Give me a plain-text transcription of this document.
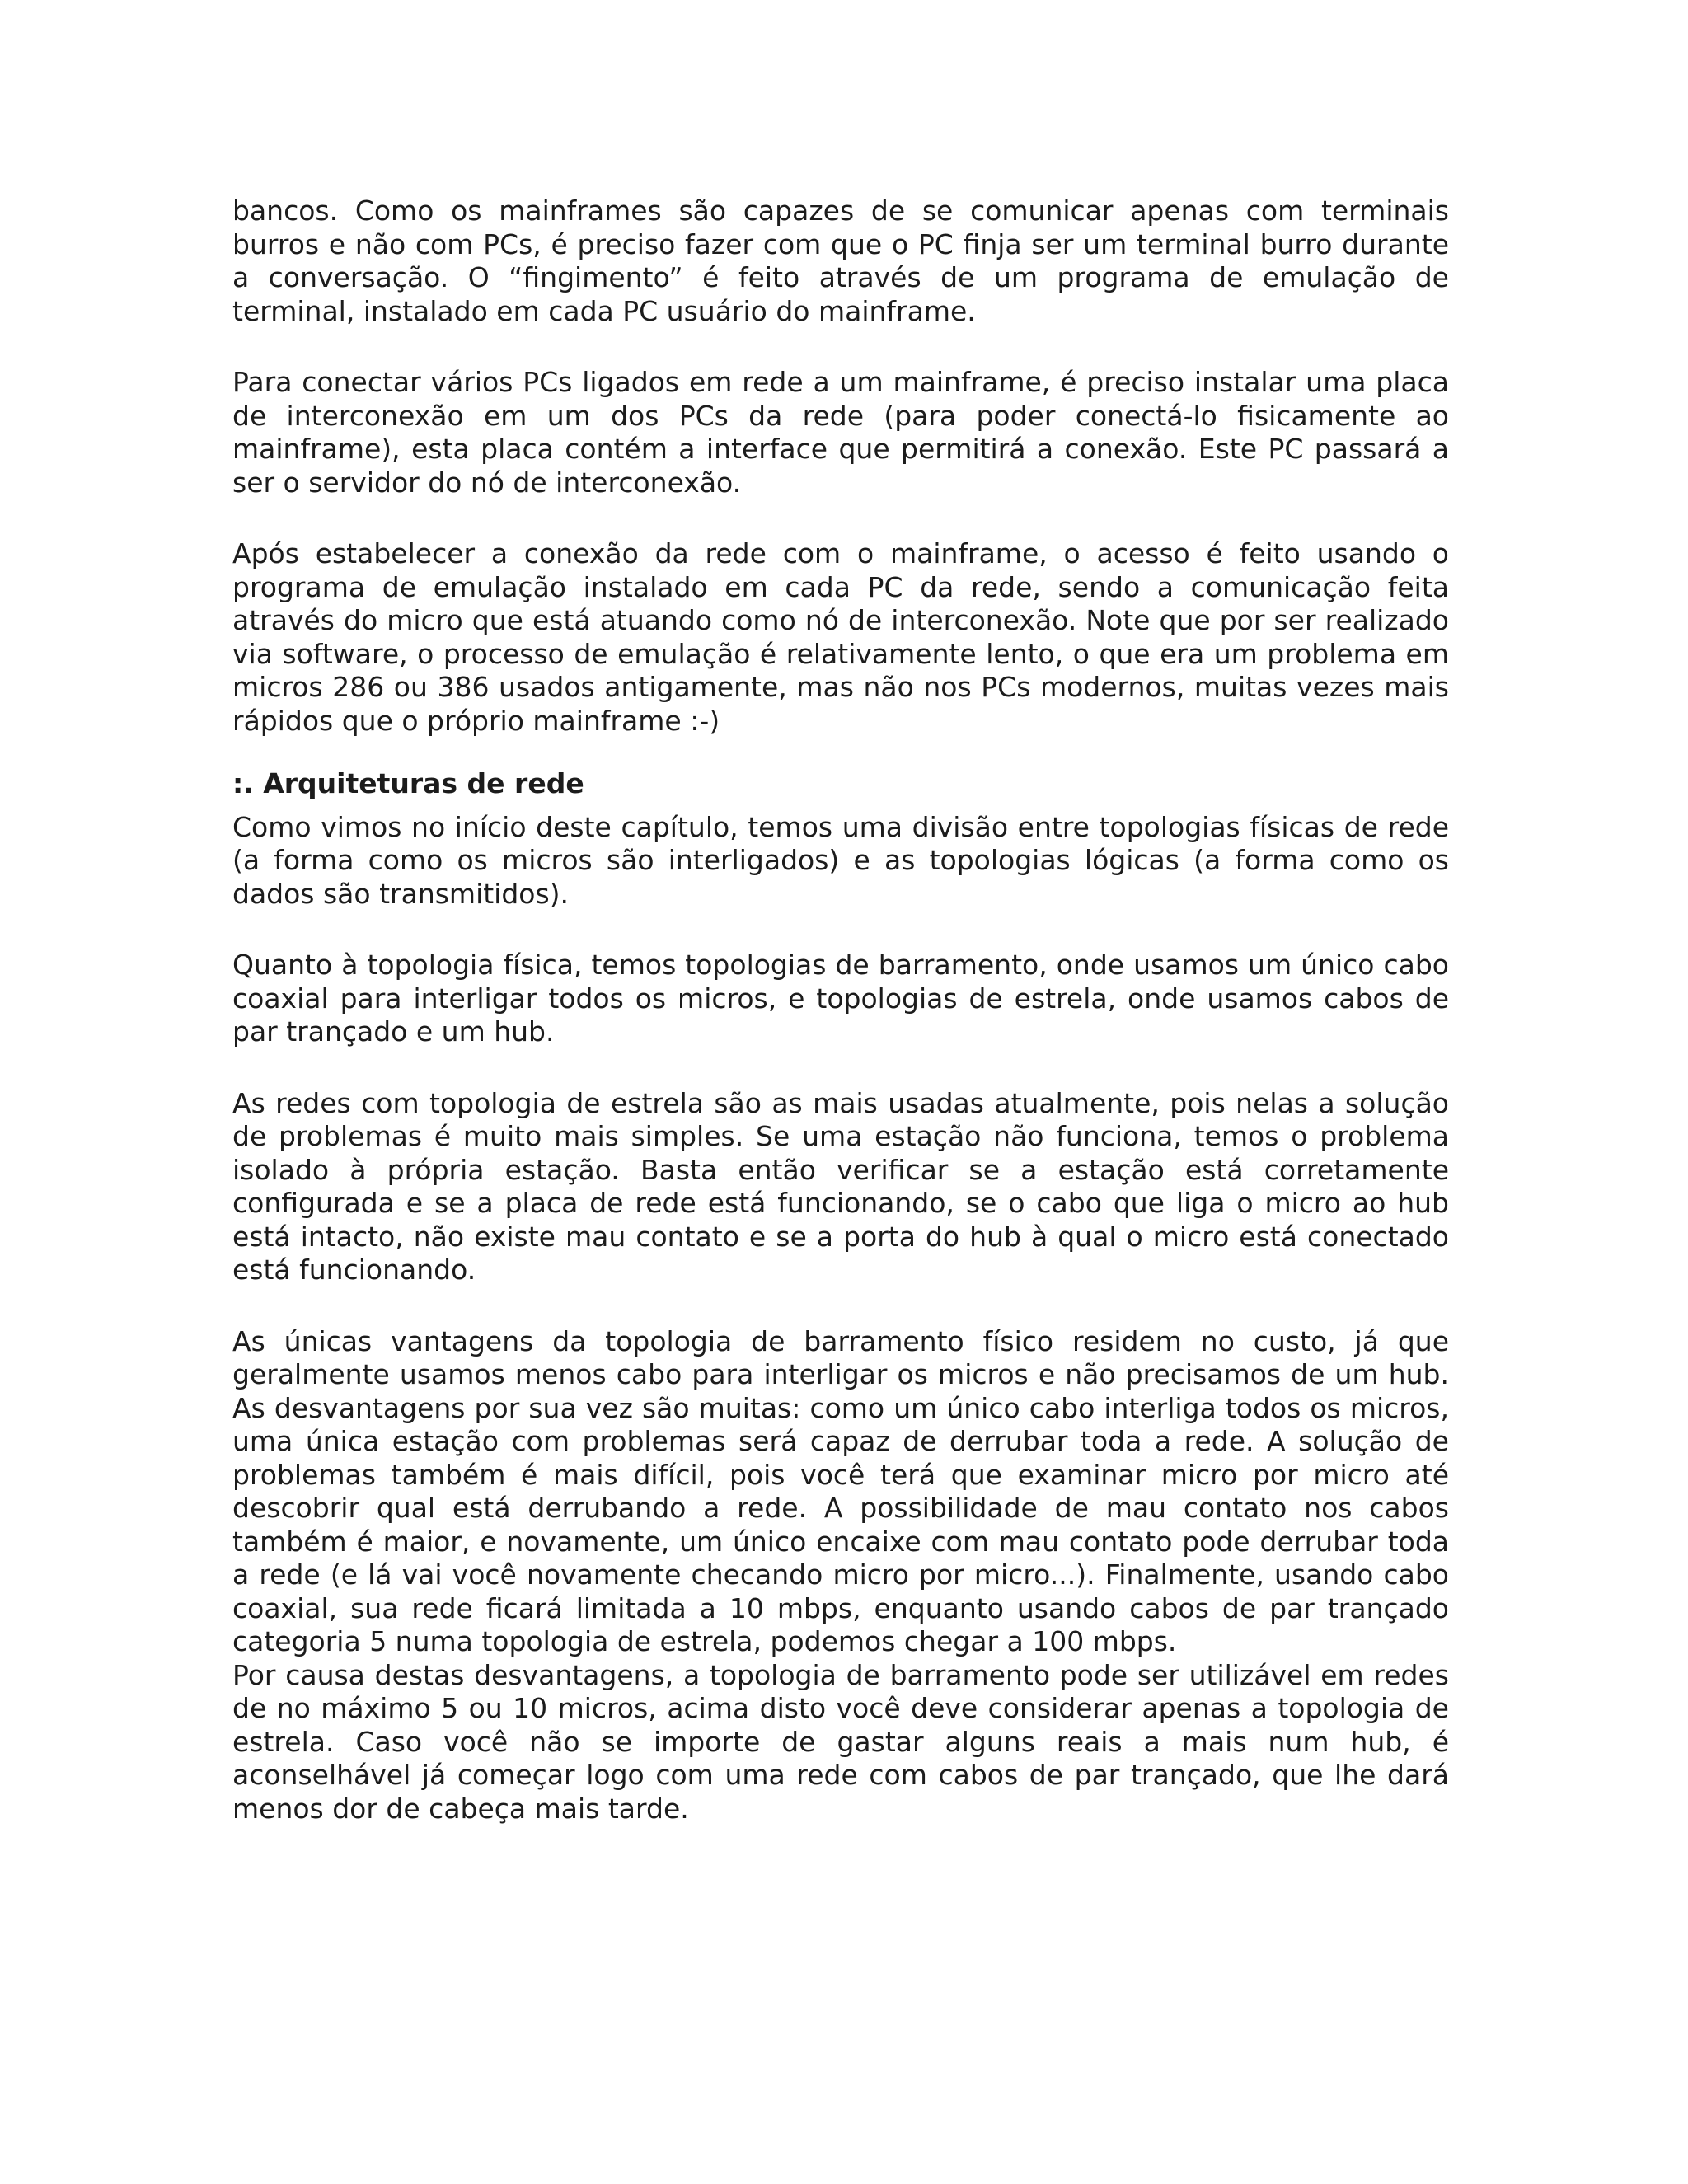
bancos. Como os mainframes são capazes de se comunicar apenas com terminais burros e não com PCs, é preciso fazer com que o PC finja ser um terminal burro durante a conversação. O “fingimento” é feito através de um programa de emulação de terminal, instalado em cada PC usuário do mainframe.

Para conectar vários PCs ligados em rede a um mainframe, é preciso instalar uma placa de interconexão em um dos PCs da rede (para poder conectá-lo fisicamente ao mainframe), esta placa contém a interface que permitirá a conexão. Este PC passará a ser o servidor do nó de interconexão.

Após estabelecer a conexão da rede com o mainframe, o acesso é feito usando o programa de emulação instalado em cada PC da rede, sendo a comunicação feita através do micro que está atuando como nó de interconexão. Note que por ser realizado via software, o processo de emulação é relativamente lento, o que era um problema em micros 286 ou 386 usados antigamente, mas não nos PCs modernos, muitas vezes mais rápidos que o próprio mainframe :-)

:. Arquiteturas de rede

Como vimos no início deste capítulo, temos uma divisão entre topologias físicas de rede (a forma como os micros são interligados) e as topologias lógicas (a forma como os dados são transmitidos).

Quanto à topologia física, temos topologias de barramento, onde usamos um único cabo coaxial para interligar todos os micros, e topologias de estrela, onde usamos cabos de par trançado e um hub.

As redes com topologia de estrela são as mais usadas atualmente, pois nelas a solução de problemas é muito mais simples. Se uma estação não funciona, temos o problema isolado à própria estação. Basta então verificar se a estação está corretamente configurada e se a placa de rede está funcionando, se o cabo que liga o micro ao hub está intacto, não existe mau contato e se a porta do hub à qual o micro está conectado está funcionando.

As únicas vantagens da topologia de barramento físico residem no custo, já que geralmente usamos menos cabo para interligar os micros e não precisamos de um hub. As desvantagens por sua vez são muitas: como um único cabo interliga todos os micros, uma única estação com problemas será capaz de derrubar toda a rede. A solução de problemas também é mais difícil, pois você terá que examinar micro por micro até descobrir qual está derrubando a rede. A possibilidade de mau contato nos cabos também é maior, e novamente, um único encaixe com mau contato pode derrubar toda a rede (e lá vai você novamente checando micro por micro...). Finalmente, usando cabo coaxial, sua rede ficará limitada a 10 mbps, enquanto usando cabos de par trançado categoria 5 numa topologia de estrela, podemos chegar a 100 mbps.

Por causa destas desvantagens, a topologia de barramento pode ser utilizável em redes de no máximo 5 ou 10 micros, acima disto você deve considerar apenas a topologia de estrela. Caso você não se importe de gastar alguns reais a mais num hub, é aconselhável já começar logo com uma rede com cabos de par trançado, que lhe dará menos dor de cabeça mais tarde.
